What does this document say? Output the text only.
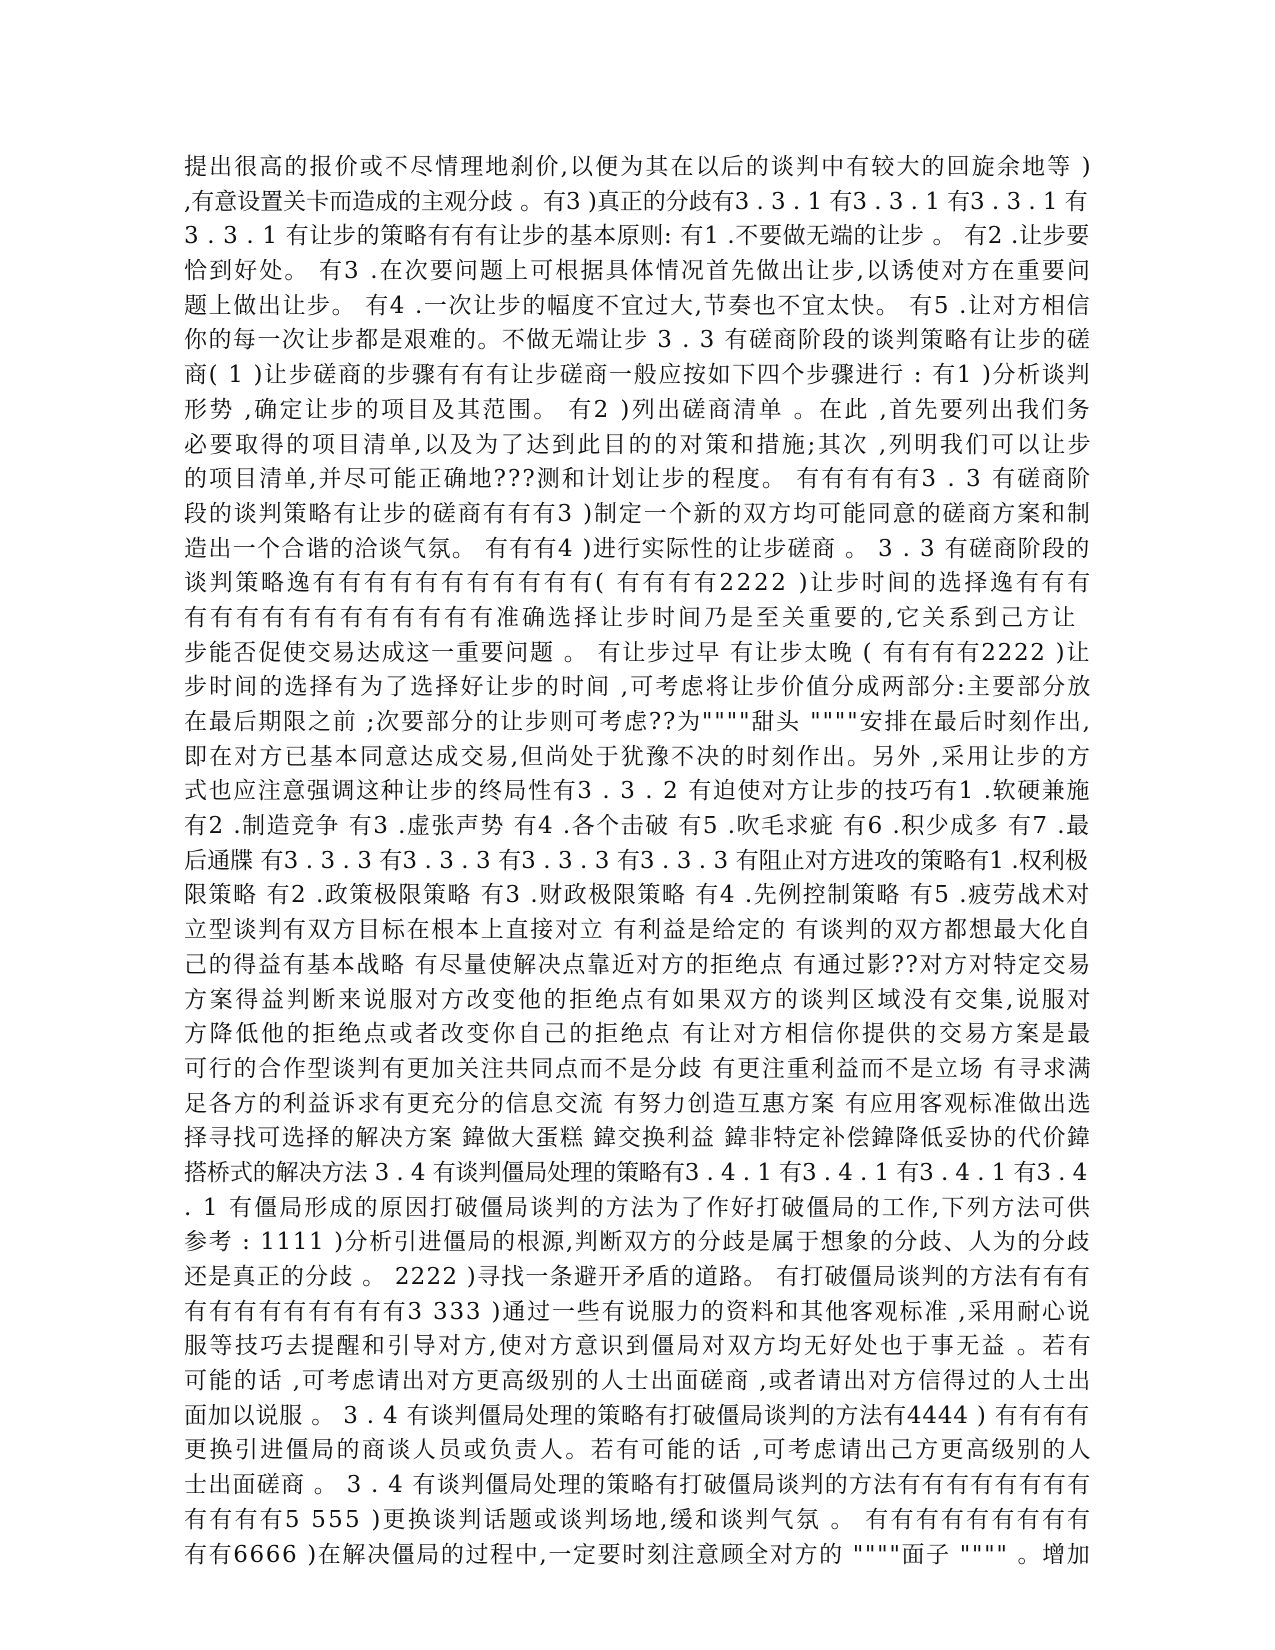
提出很高的报价或不尽情理地刹价,以便为其在以后的谈判中有较大的回旋余地等 )
,有意设置关卡而造成的主观分歧 。有3 )真正的分歧有3 . 3 . 1 有3 . 3 . 1 有3 . 3 . 1 有
3 . 3 . 1 有让步的策略有有有让步的基本原则: 有1 .不要做无端的让步 。 有2 .让步要
恰到好处。 有3 .在次要问题上可根据具体情况首先做出让步,以诱使对方在重要问
题上做出让步。 有4 .一次让步的幅度不宜过大,节奏也不宜太快。 有5 .让对方相信
你的每一次让步都是艰难的。不做无端让步 3 . 3 有磋商阶段的谈判策略有让步的磋
商( 1 )让步磋商的步骤有有有让步磋商一般应按如下四个步骤进行 : 有1 )分析谈判
形势 ,确定让步的项目及其范围。 有2 )列出磋商清单 。在此 ,首先要列出我们务
必要取得的项目清单,以及为了达到此目的的对策和措施;其次 ,列明我们可以让步
的项目清单,并尽可能正确地???测和计划让步的程度。 有有有有有3 . 3 有磋商阶
段的谈判策略有让步的磋商有有有3 )制定一个新的双方均可能同意的磋商方案和制
造出一个合谐的洽谈气氛。 有有有4 )进行实际性的让步磋商 。 3 . 3 有磋商阶段的
谈判策略逸有有有有有有有有有有有( 有有有有2222 )让步时间的选择逸有有有
有有有有有有有有有有有有准确选择让步时间乃是至关重要的,它关系到己方让
步能否促使交易达成这一重要问题 。 有让步过早 有让步太晚 ( 有有有有2222 )让
步时间的选择有为了选择好让步的时间 ,可考虑将让步价值分成两部分:主要部分放
在最后期限之前 ;次要部分的让步则可考虑??为""""甜头 """"安排在最后时刻作出,
即在对方已基本同意达成交易,但尚处于犹豫不决的时刻作出。另外 ,采用让步的方
式也应注意强调这种让步的终局性有3 . 3 . 2 有迫使对方让步的技巧有1 .软硬兼施
有2 .制造竞争 有3 .虚张声势 有4 .各个击破 有5 .吹毛求疵 有6 .积少成多 有7 .最
后通牒 有3 . 3 . 3 有3 . 3 . 3 有3 . 3 . 3 有3 . 3 . 3 有阻止对方进攻的策略有1 .权利极
限策略 有2 .政策极限策略 有3 .财政极限策略 有4 .先例控制策略 有5 .疲劳战术对
立型谈判有双方目标在根本上直接对立 有利益是给定的 有谈判的双方都想最大化自
己的得益有基本战略 有尽量使解决点靠近对方的拒绝点 有通过影??对方对特定交易
方案得益判断来说服对方改变他的拒绝点有如果双方的谈判区域没有交集,说服对
方降低他的拒绝点或者改变你自己的拒绝点 有让对方相信你提供的交易方案是最
可行的合作型谈判有更加关注共同点而不是分歧 有更注重利益而不是立场 有寻求满
足各方的利益诉求有更充分的信息交流 有努力创造互惠方案 有应用客观标准做出选
择寻找可选择的解决方案 鍏做大蛋糕 鍏交换利益 鍏非特定补偿鍏降低妥协的代价鍏
搭桥式的解决方法 3 . 4 有谈判僵局处理的策略有3 . 4 . 1 有3 . 4 . 1 有3 . 4 . 1 有3 . 4
. 1 有僵局形成的原因打破僵局谈判的方法为了作好打破僵局的工作,下列方法可供
参考 : 1111 )分析引进僵局的根源,判断双方的分歧是属于想象的分歧、人为的分歧
还是真正的分歧 。 2222 )寻找一条避开矛盾的道路。 有打破僵局谈判的方法有有有
有有有有有有有有有3 333 )通过一些有说服力的资料和其他客观标准 ,采用耐心说
服等技巧去提醒和引导对方,使对方意识到僵局对双方均无好处也于事无益 。若有
可能的话 ,可考虑请出对方更高级别的人士出面磋商 ,或者请出对方信得过的人士出
面加以说服 。 3 . 4 有谈判僵局处理的策略有打破僵局谈判的方法有4444 ) 有有有有
更换引进僵局的商谈人员或负责人。若有可能的话 ,可考虑请出己方更高级别的人
士出面磋商 。 3 . 4 有谈判僵局处理的策略有打破僵局谈判的方法有有有有有有有有
有有有有5 555 )更换谈判话题或谈判场地,缓和谈判气氛 。 有有有有有有有有有
有有6666 )在解决僵局的过程中,一定要时刻注意顾全对方的 """"面子 """" 。增加
